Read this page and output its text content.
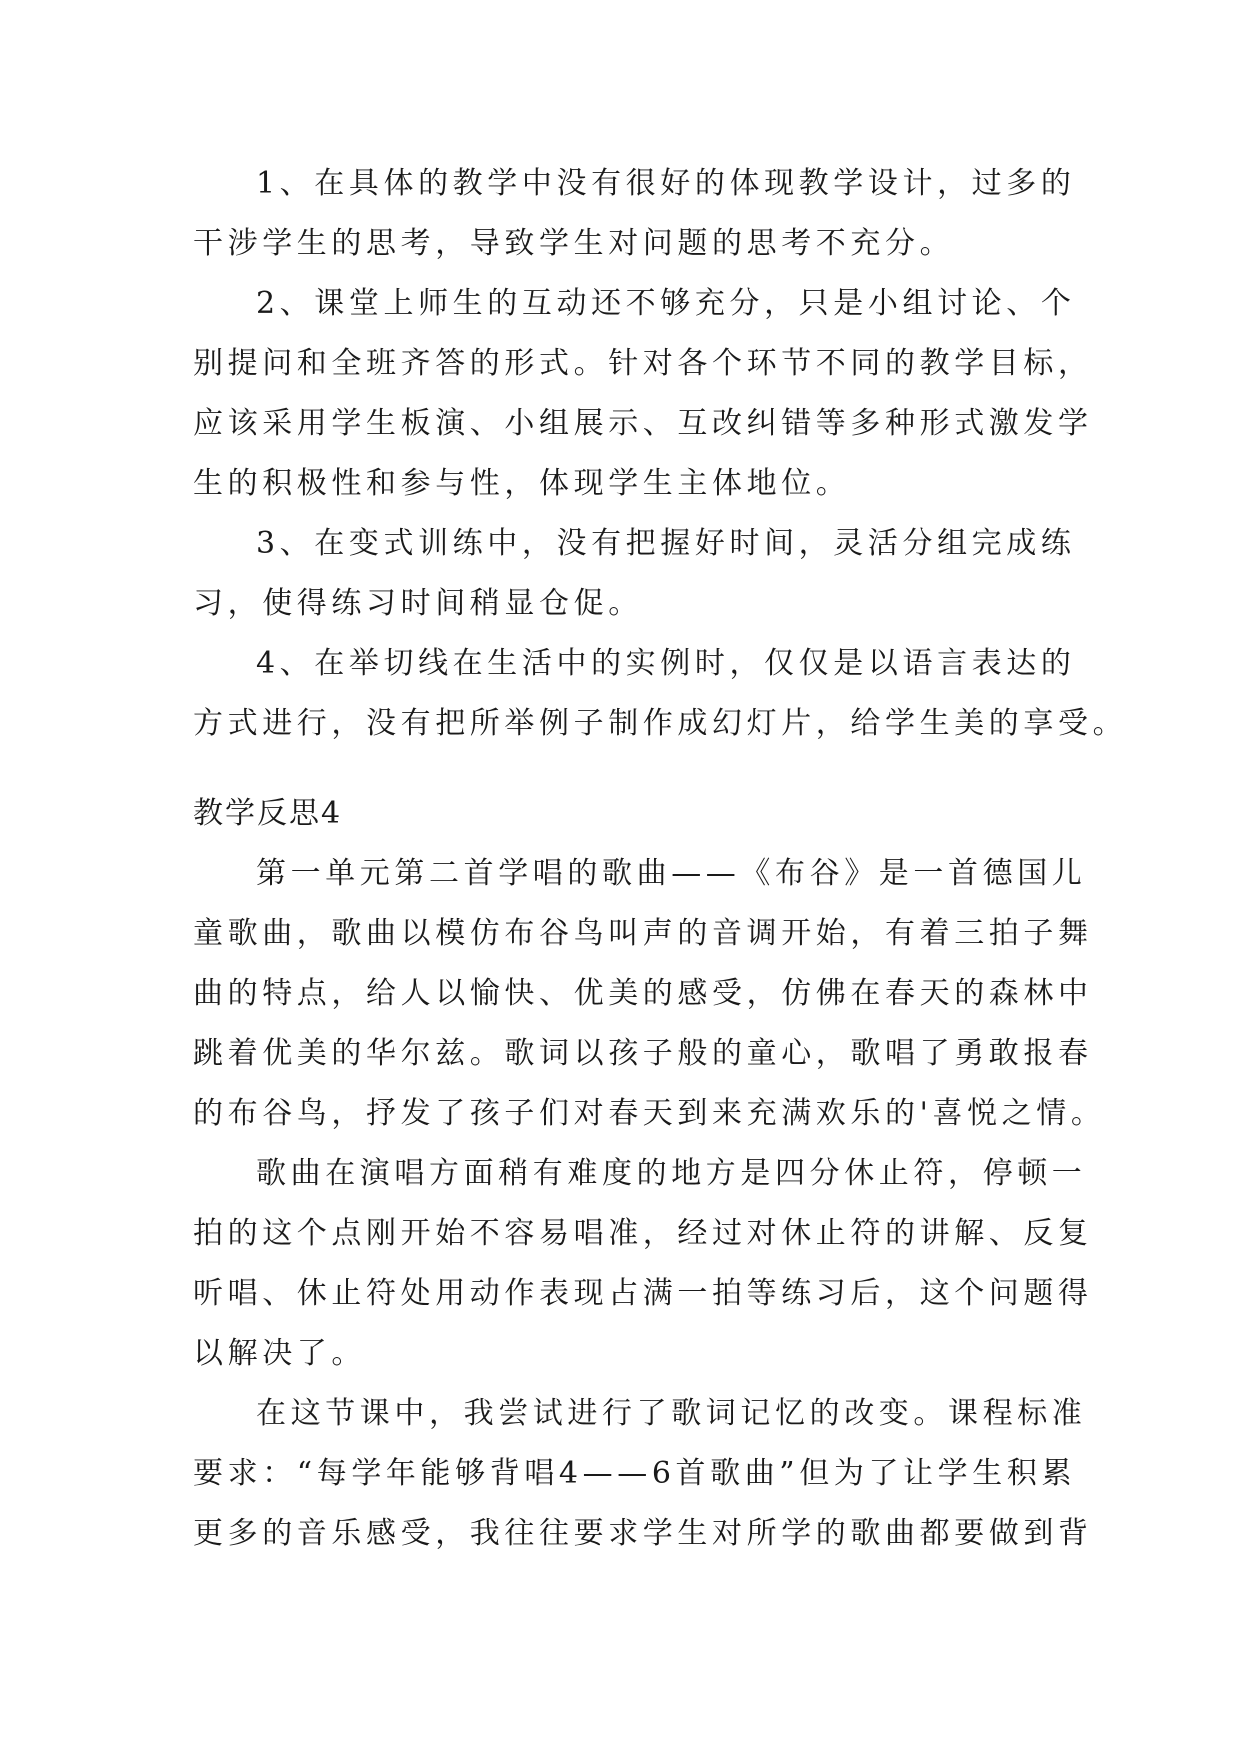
1、在具体的教学中没有很好的体现教学设计，过多的
干涉学生的思考，导致学生对问题的思考不充分。
2、课堂上师生的互动还不够充分，只是小组讨论、个
别提问和全班齐答的形式。针对各个环节不同的教学目标，
应该采用学生板演、小组展示、互改纠错等多种形式激发学
生的积极性和参与性，体现学生主体地位。
3、在变式训练中，没有把握好时间，灵活分组完成练
习，使得练习时间稍显仓促。
4、在举切线在生活中的实例时，仅仅是以语言表达的
方式进行，没有把所举例子制作成幻灯片，给学生美的享受。
教学反思4
第一单元第二首学唱的歌曲——《布谷》是一首德国儿
童歌曲，歌曲以模仿布谷鸟叫声的音调开始，有着三拍子舞
曲的特点，给人以愉快、优美的感受，仿佛在春天的森林中
跳着优美的华尔兹。歌词以孩子般的童心，歌唱了勇敢报春
的布谷鸟，抒发了孩子们对春天到来充满欢乐的'喜悦之情。
歌曲在演唱方面稍有难度的地方是四分休止符，停顿一
拍的这个点刚开始不容易唱准，经过对休止符的讲解、反复
听唱、休止符处用动作表现占满一拍等练习后，这个问题得
以解决了。
在这节课中，我尝试进行了歌词记忆的改变。课程标准
要求：“每学年能够背唱4——6首歌曲”但为了让学生积累
更多的音乐感受，我往往要求学生对所学的歌曲都要做到背
